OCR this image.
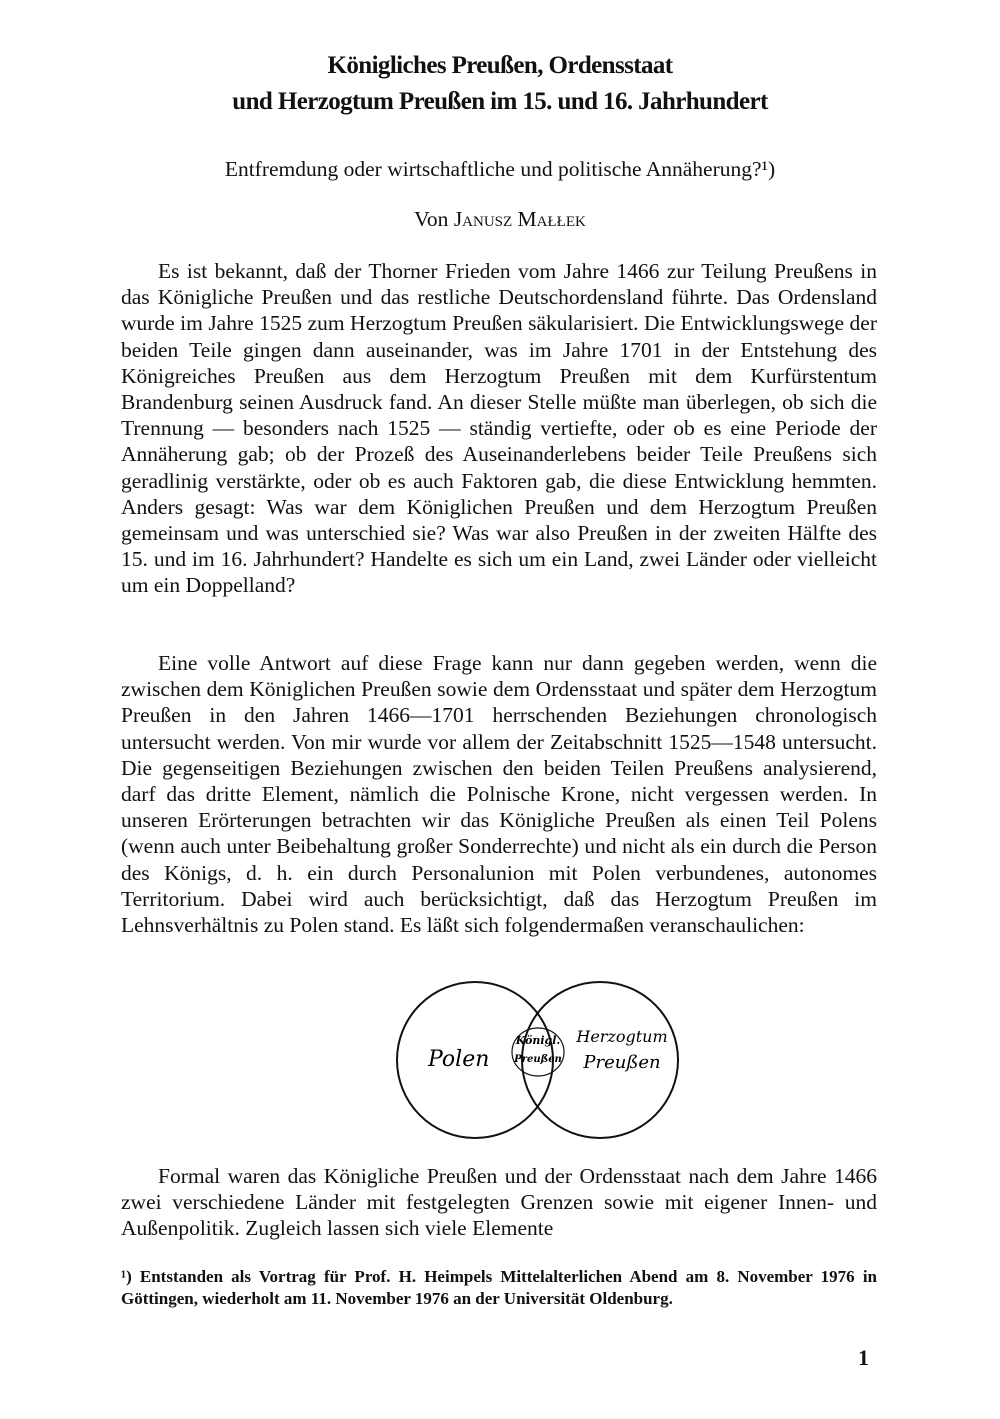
Königliches Preußen, Ordensstaat
und Herzogtum Preußen im 15. und 16. Jahrhundert
Entfremdung oder wirtschaftliche und politische Annäherung?¹)
Von Janusz Małłek

Es ist bekannt, daß der Thorner Frieden vom Jahre 1466 zur Teilung Preußens in das Königliche Preußen und das restliche Deutschordensland führte. Das Ordensland wurde im Jahre 1525 zum Herzogtum Preußen säkularisiert. Die Entwicklungswege der beiden Teile gingen dann auseinander, was im Jahre 1701 in der Entstehung des Königreiches Preußen aus dem Herzogtum Preußen mit dem Kurfürstentum Brandenburg seinen Ausdruck fand. An dieser Stelle müßte man überlegen, ob sich die Trennung — besonders nach 1525 — ständig vertiefte, oder ob es eine Periode der Annäherung gab; ob der Prozeß des Auseinanderlebens beider Teile Preußens sich geradlinig verstärkte, oder ob es auch Faktoren gab, die diese Entwicklung hemmten. Anders gesagt: Was war dem Königlichen Preußen und dem Herzogtum Preußen gemeinsam und was unterschied sie? Was war also Preußen in der zweiten Hälfte des 15. und im 16. Jahrhundert? Handelte es sich um ein Land, zwei Länder oder vielleicht um ein Doppelland?

Eine volle Antwort auf diese Frage kann nur dann gegeben werden, wenn die zwischen dem Königlichen Preußen sowie dem Ordensstaat und später dem Herzogtum Preußen in den Jahren 1466—1701 herrschenden Beziehungen chronologisch untersucht werden. Von mir wurde vor allem der Zeitabschnitt 1525—1548 untersucht. Die gegenseitigen Beziehungen zwischen den beiden Teilen Preußens analysierend, darf das dritte Element, nämlich die Polnische Krone, nicht vergessen werden. In unseren Erörterungen betrachten wir das Königliche Preußen als einen Teil Polens (wenn auch unter Beibehaltung großer Sonderrechte) und nicht als ein durch die Person des Königs, d. h. ein durch Personalunion mit Polen verbundenes, autonomes Territorium. Dabei wird auch berücksichtigt, daß das Herzogtum Preußen im Lehnsverhältnis zu Polen stand. Es läßt sich folgendermaßen veranschaulichen:

Polen
Königl.
Preußen
Herzogtum
Preußen

Formal waren das Königliche Preußen und der Ordensstaat nach dem Jahre 1466 zwei verschiedene Länder mit festgelegten Grenzen sowie mit eigener Innen- und Außenpolitik. Zugleich lassen sich viele Elemente

¹) Entstanden als Vortrag für Prof. H. Heimpels Mittelalterlichen Abend am 8. November 1976 in Göttingen, wiederholt am 11. November 1976 an der Universität Oldenburg.
1
